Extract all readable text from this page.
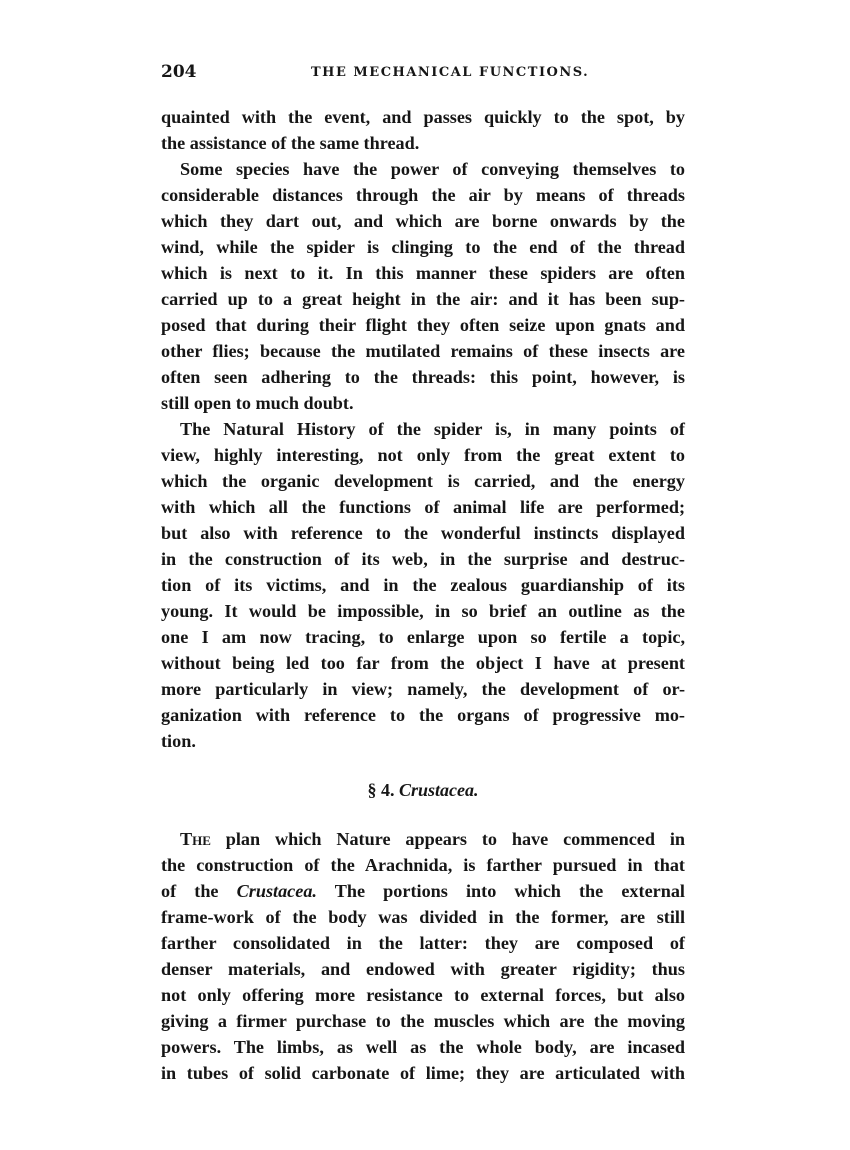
204	THE MECHANICAL FUNCTIONS.

quainted with the event, and passes quickly to the spot, by
the assistance of the same thread.

Some species have the power of conveying themselves to
considerable distances through the air by means of threads
which they dart out, and which are borne onwards by the
wind, while the spider is clinging to the end of the thread
which is next to it. In this manner these spiders are often
carried up to a great height in the air: and it has been sup-
posed that during their flight they often seize upon gnats and
other flies; because the mutilated remains of these insects are
often seen adhering to the threads: this point, however, is
still open to much doubt.

The Natural History of the spider is, in many points of
view, highly interesting, not only from the great extent to
which the organic development is carried, and the energy
with which all the functions of animal life are performed;
but also with reference to the wonderful instincts displayed
in the construction of its web, in the surprise and destruc-
tion of its victims, and in the zealous guardianship of its
young. It would be impossible, in so brief an outline as the
one I am now tracing, to enlarge upon so fertile a topic,
without being led too far from the object I have at present
more particularly in view; namely, the development of or-
ganization with reference to the organs of progressive mo-
tion.

§ 4. Crustacea.

The plan which Nature appears to have commenced in
the construction of the Arachnida, is farther pursued in that
of the Crustacea. The portions into which the external
frame-work of the body was divided in the former, are still
farther consolidated in the latter: they are composed of
denser materials, and endowed with greater rigidity; thus
not only offering more resistance to external forces, but also
giving a firmer purchase to the muscles which are the moving
powers. The limbs, as well as the whole body, are incased
in tubes of solid carbonate of lime; they are articulated with
